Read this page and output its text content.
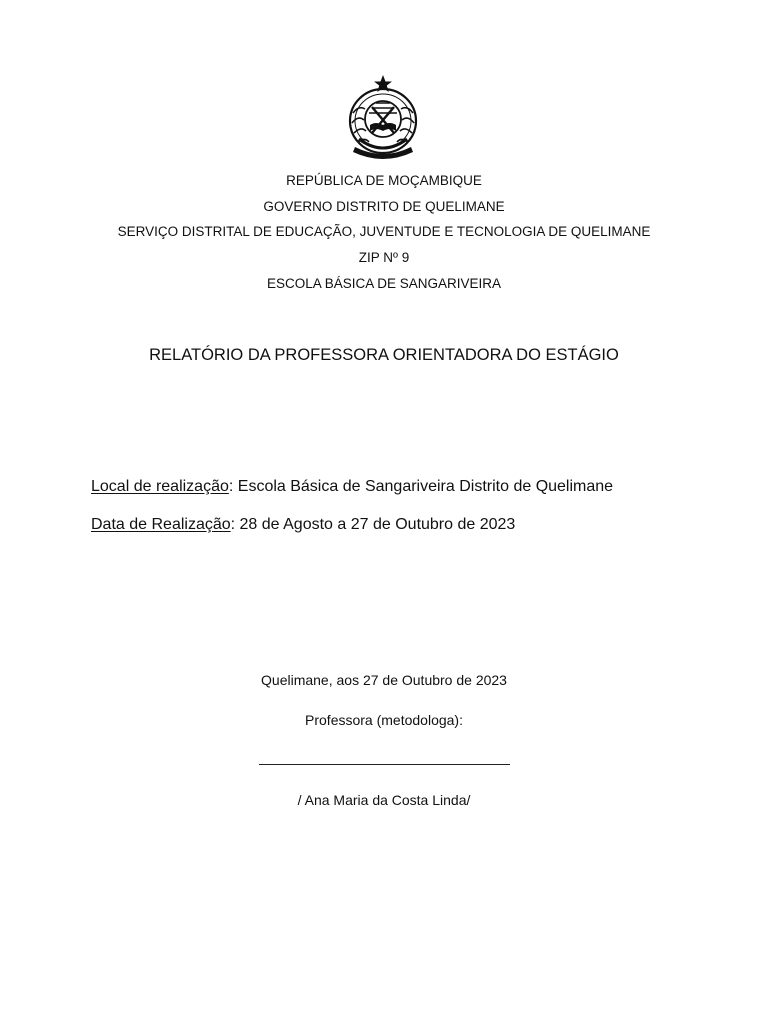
REPÚBLICA DE MOÇAMBIQUE
GOVERNO DISTRITO DE QUELIMANE
SERVIÇO DISTRITAL DE EDUCAÇÃO, JUVENTUDE E TECNOLOGIA DE QUELIMANE
ZIP Nº 9
ESCOLA BÁSICA DE SANGARIVEIRA
RELATÓRIO DA PROFESSORA ORIENTADORA DO ESTÁGIO
Local de realização: Escola Básica de Sangariveira Distrito de Quelimane
Data de Realização: 28 de Agosto a 27 de Outubro de 2023
Quelimane, aos 27 de Outubro de 2023
Professora (metodologa):
/ Ana Maria da Costa Linda/
